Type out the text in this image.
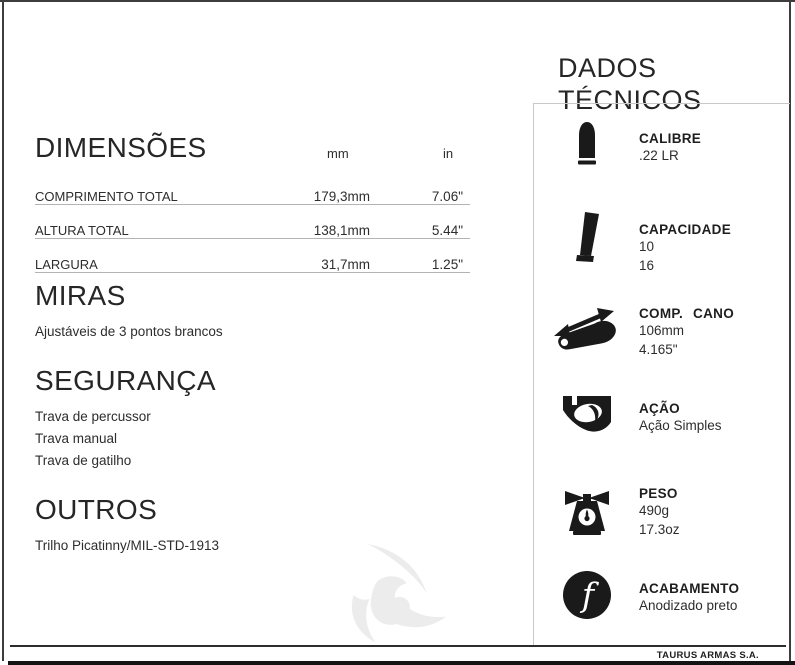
DIMENSÕES	mm	in
COMPRIMENTO TOTAL	179,3mm	7.06"
ALTURA TOTAL	138,1mm	5.44"
LARGURA	31,7mm	1.25"
MIRAS
Ajustáveis de 3 pontos brancos
SEGURANÇA
Trava de percussor
Trava manual
Trava de gatilho
OUTROS
Trilho Picatinny/MIL-STD-1913
DADOS TÉCNICOS
CALIBRE
.22 LR
CAPACIDADE
10
16
COMP. CANO
106mm
4.165"
AÇÃO
Ação Simples
PESO
490g
17.3oz
f	ACABAMENTO
Anodizado preto
TAURUS ARMAS S.A.
